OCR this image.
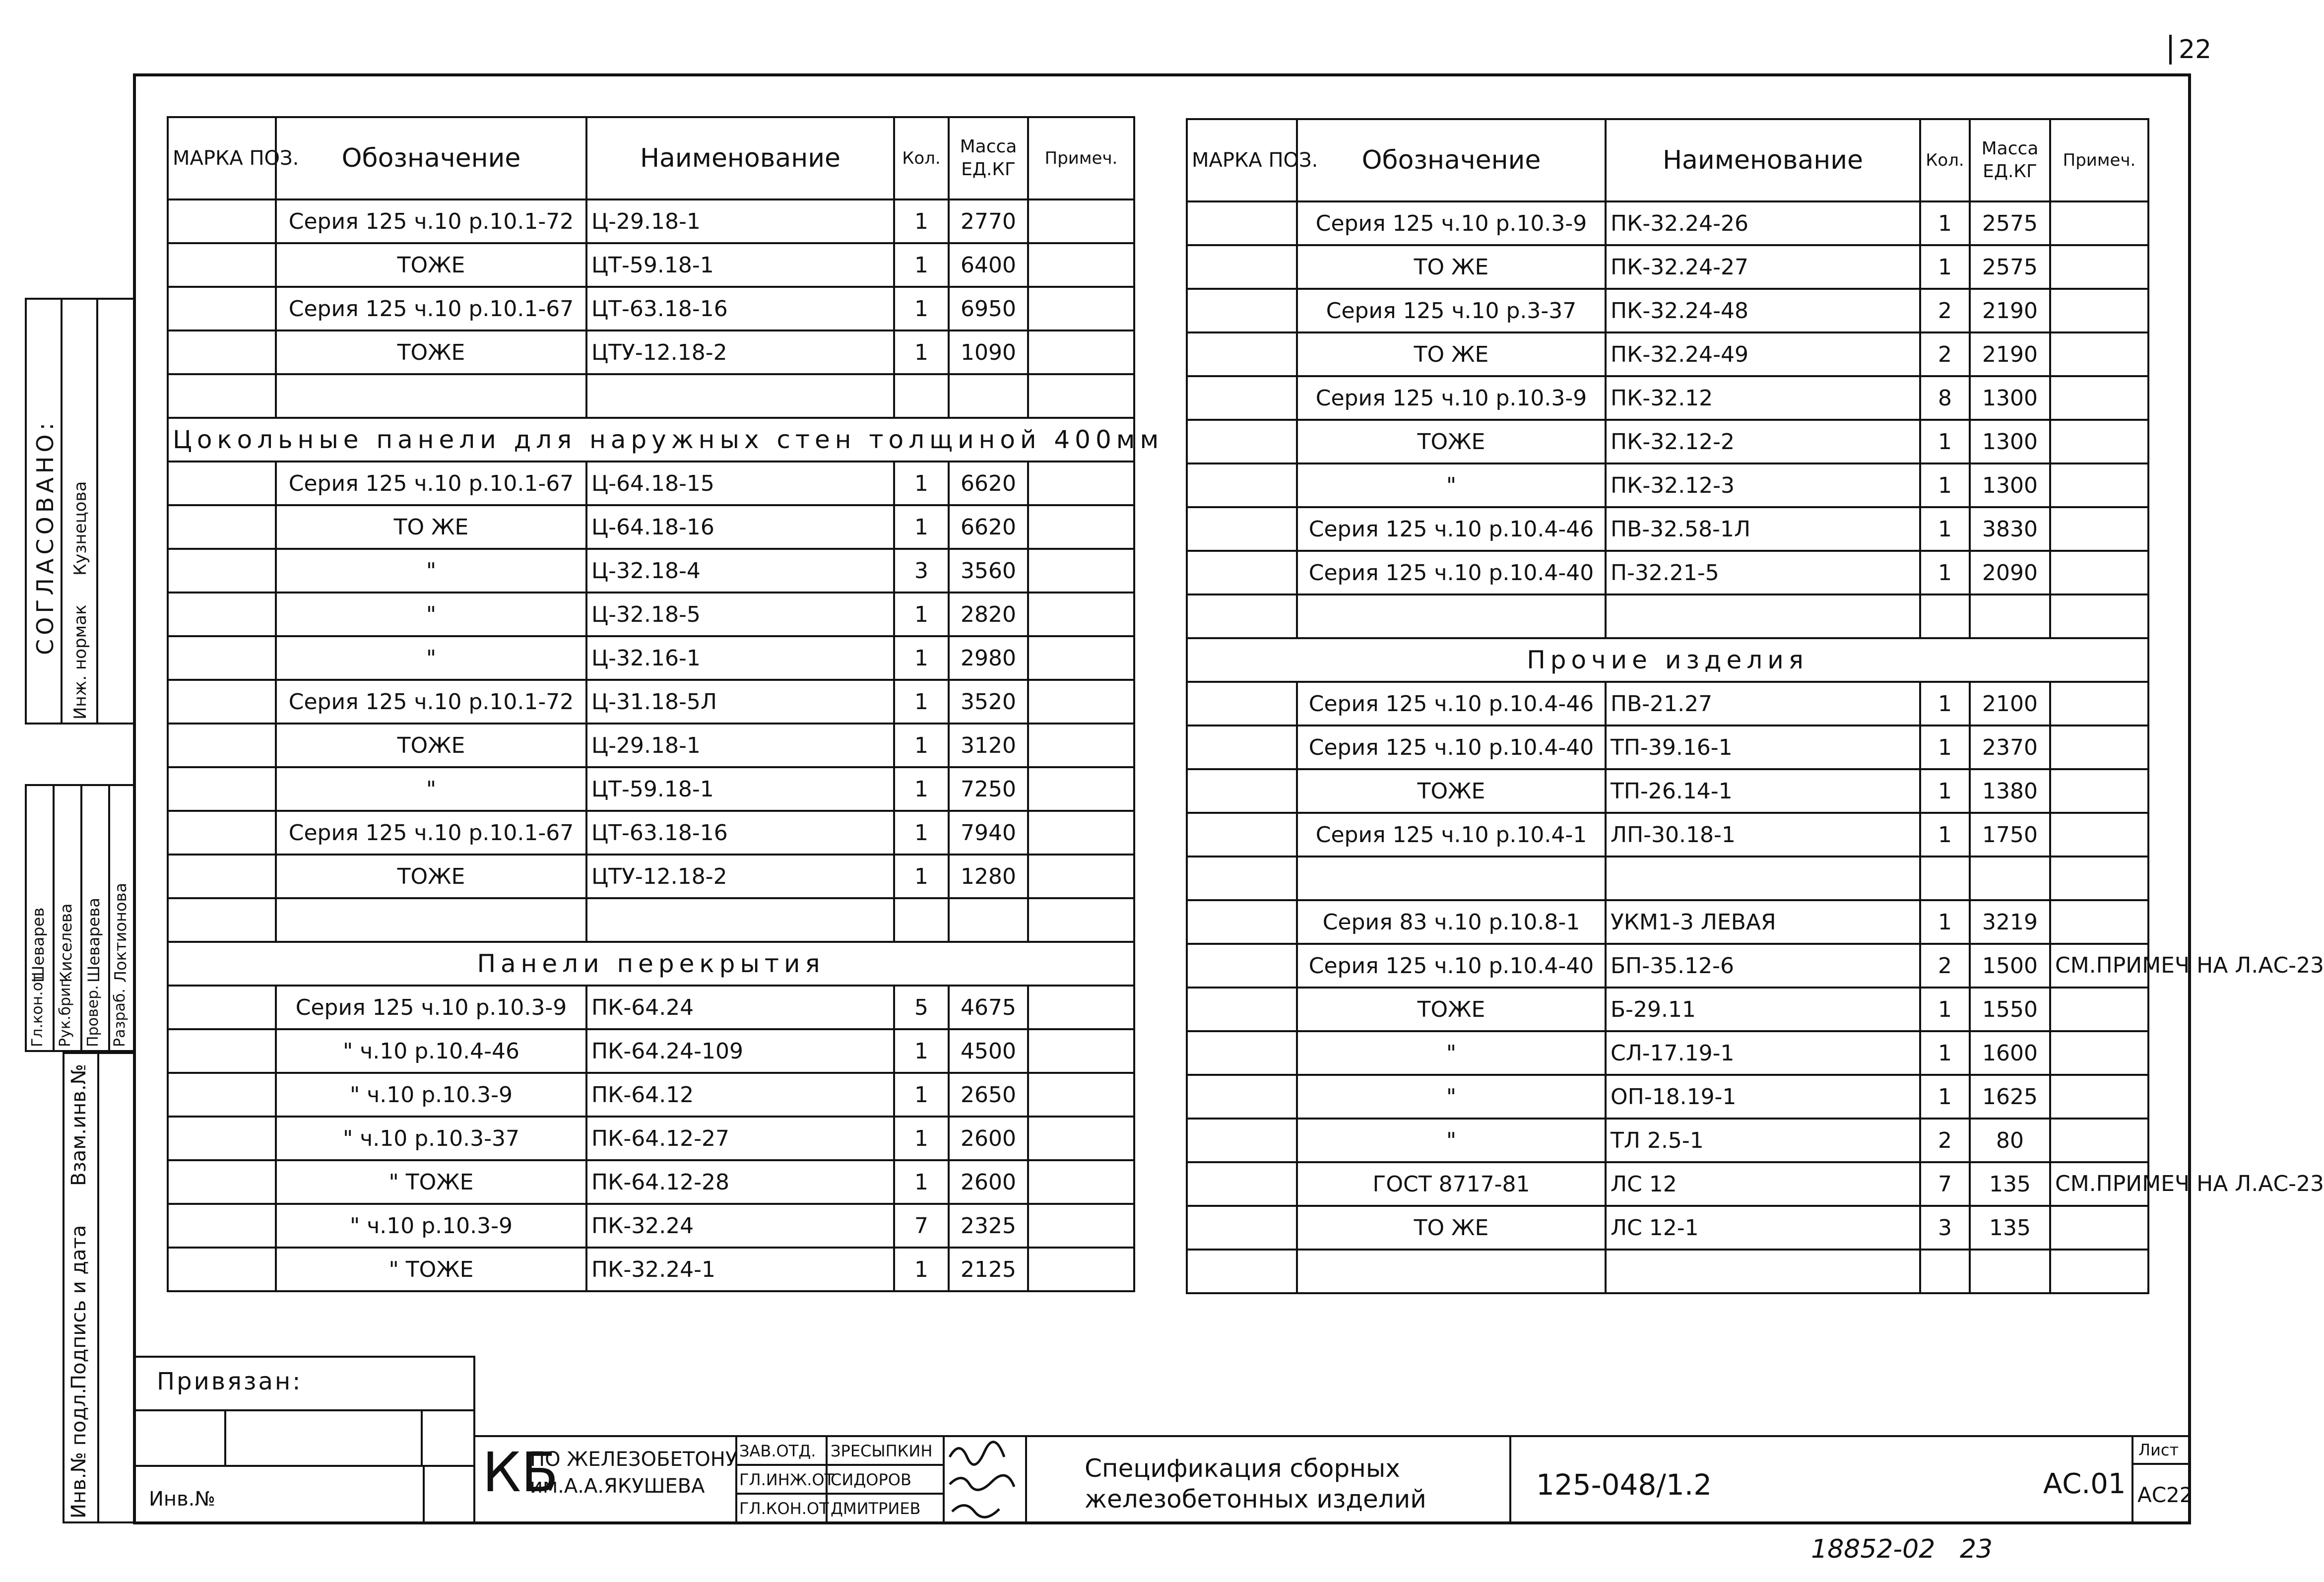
22
МАРКА ПОЗ.	Обозначение	Наименование	Кол.	Масса ЕД.КГ	Примеч.
	Серия 125 ч.10 р.10.1-72	Ц-29.18-1	1	2770	
	ТОЖЕ	ЦТ-59.18-1	1	6400	
	Серия 125 ч.10 р.10.1-67	ЦТ-63.18-16	1	6950	
	ТОЖЕ	ЦТУ-12.18-2	1	1090	

Цокольные панели для наружных стен толщиной 400мм					
	Серия 125 ч.10 р.10.1-67	Ц-64.18-15	1	6620	
	ТО ЖЕ	Ц-64.18-16	1	6620	
	"	Ц-32.18-4	3	3560	
	"	Ц-32.18-5	1	2820	
	"	Ц-32.16-1	1	2980	
	Серия 125 ч.10 р.10.1-72	Ц-31.18-5Л	1	3520	
	ТОЖЕ	Ц-29.18-1	1	3120	
	"	ЦТ-59.18-1	1	7250	
	Серия 125 ч.10 р.10.1-67	ЦТ-63.18-16	1	7940	
	ТОЖЕ	ЦТУ-12.18-2	1	1280	

Панели перекрытия					
	Серия 125 ч.10 р.10.3-9	ПК-64.24	5	4675	
	" ч.10 р.10.4-46	ПК-64.24-109	1	4500	
	" ч.10 р.10.3-9	ПК-64.12	1	2650	
	" ч.10 р.10.3-37	ПК-64.12-27	1	2600	
	" ТОЖЕ	ПК-64.12-28	1	2600	
	" ч.10 р.10.3-9	ПК-32.24	7	2325	
	" ТОЖЕ	ПК-32.24-1	1	2125	
МАРКА ПОЗ.	Обозначение	Наименование	Кол.	Масса ЕД.КГ	Примеч.
	Серия 125 ч.10 р.10.3-9	ПК-32.24-26	1	2575	
	ТО ЖЕ	ПК-32.24-27	1	2575	
	Серия 125 ч.10 р.3-37	ПК-32.24-48	2	2190	
	ТО ЖЕ	ПК-32.24-49	2	2190	
	Серия 125 ч.10 р.10.3-9	ПК-32.12	8	1300	
	ТОЖЕ	ПК-32.12-2	1	1300	
	"	ПК-32.12-3	1	1300	
	Серия 125 ч.10 р.10.4-46	ПВ-32.58-1Л	1	3830	
	Серия 125 ч.10 р.10.4-40	П-32.21-5	1	2090	

Прочие изделия					
	Серия 125 ч.10 р.10.4-46	ПВ-21.27	1	2100	
	Серия 125 ч.10 р.10.4-40	ТП-39.16-1	1	2370	
	ТОЖЕ	ТП-26.14-1	1	1380	
	Серия 125 ч.10 р.10.4-1	ЛП-30.18-1	1	1750	

	Серия 83 ч.10 р.10.8-1	УКМ1-3 ЛЕВАЯ	1	3219	
	Серия 125 ч.10 р.10.4-40	БП-35.12-6	2	1500	СМ.ПРИМЕЧ НА Л.АС-23
	ТОЖЕ	Б-29.11	1	1550	
	"	СЛ-17.19-1	1	1600	
	"	ОП-18.19-1	1	1625	
	"	ТЛ 2.5-1	2	80	
	ГОСТ 8717-81	ЛС 12	7	135	СМ.ПРИМЕЧ НА Л.АС-23
	ТО ЖЕ	ЛС 12-1	3	135	

СОГЛАСОВАНО:
Инж. нормак
Кузнецова
Гл.кон.от
Шеварев
Рук.бриг.
Киселева
Провер.
Шеварева
Разраб.
Локтионова
Взам.инв.№
Подпись и дата
Инв.№ подл.
Привязан:
Инв.№	КБ
ПО ЖЕЛЕЗОБЕТОНУ
им.А.А.ЯКУШЕВА
ЗАВ.ОТД.
ГЛ.ИНЖ.ОТ
ГЛ.КОН.ОТ
ЗРЕСЫПКИН
СИДОРОВ
ДМИТРИЕВ
Спецификация сборных
железобетонных изделий	125-048/1.2	АС.01
Лист
АС22
18852-02   23
